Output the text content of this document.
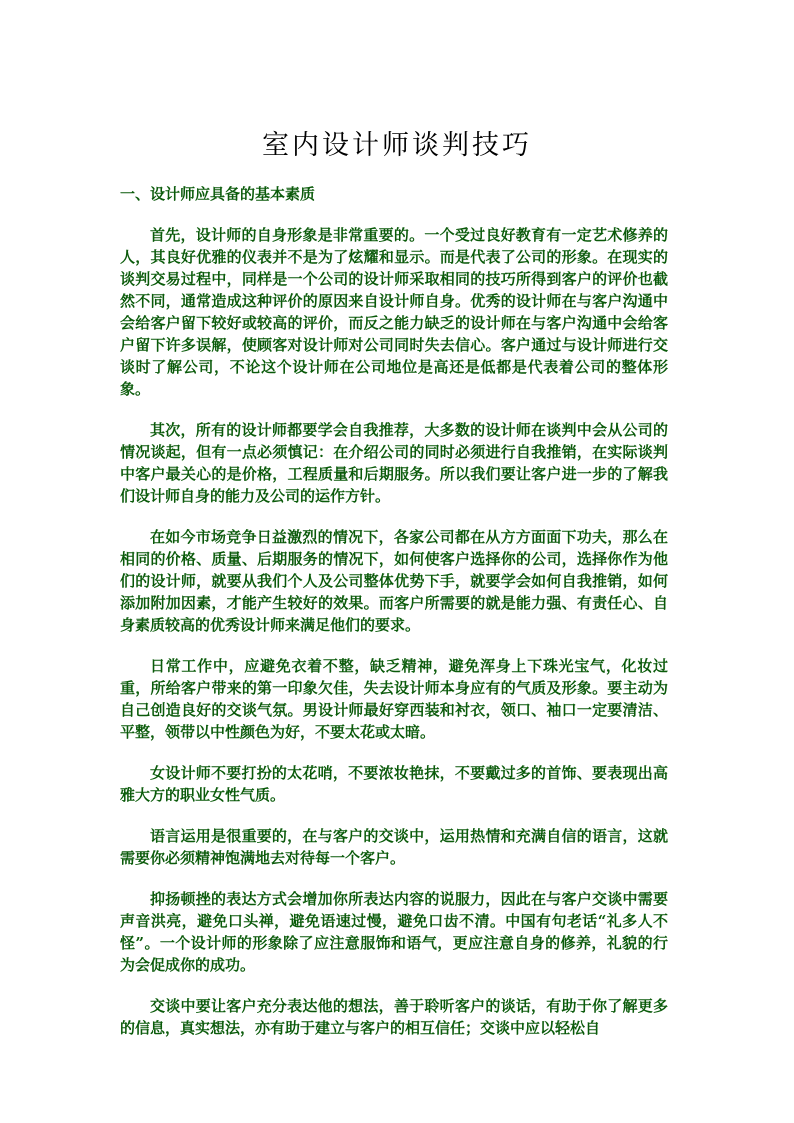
室内设计师谈判技巧

一、设计师应具备的基本素质

首先，设计师的自身形象是非常重要的。一个受过良好教育有一定艺术修养的人，其良好优雅的仪表并不是为了炫耀和显示。而是代表了公司的形象。在现实的谈判交易过程中，同样是一个公司的设计师采取相同的技巧所得到客户的评价也截然不同，通常造成这种评价的原因来自设计师自身。优秀的设计师在与客户沟通中会给客户留下较好或较高的评价，而反之能力缺乏的设计师在与客户沟通中会给客户留下许多误解，使顾客对设计师对公司同时失去信心。客户通过与设计师进行交谈时了解公司，不论这个设计师在公司地位是高还是低都是代表着公司的整体形象。

其次，所有的设计师都要学会自我推荐，大多数的设计师在谈判中会从公司的情况谈起，但有一点必须慎记：在介绍公司的同时必须进行自我推销，在实际谈判中客户最关心的是价格，工程质量和后期服务。所以我们要让客户进一步的了解我们设计师自身的能力及公司的运作方针。

在如今市场竞争日益激烈的情况下，各家公司都在从方方面面下功夫，那么在相同的价格、质量、后期服务的情况下，如何使客户选择你的公司，选择你作为他们的设计师，就要从我们个人及公司整体优势下手，就要学会如何自我推销，如何添加附加因素，才能产生较好的效果。而客户所需要的就是能力强、有责任心、自身素质较高的优秀设计师来满足他们的要求。

日常工作中，应避免衣着不整，缺乏精神，避免浑身上下珠光宝气，化妆过重，所给客户带来的第一印象欠佳，失去设计师本身应有的气质及形象。要主动为自己创造良好的交谈气氛。男设计师最好穿西装和衬衣，领口、袖口一定要清洁、平整，领带以中性颜色为好，不要太花或太暗。

女设计师不要打扮的太花哨，不要浓妆艳抹，不要戴过多的首饰、要表现出高雅大方的职业女性气质。

语言运用是很重要的，在与客户的交谈中，运用热情和充满自信的语言，这就需要你必须精神饱满地去对待每一个客户。

抑扬顿挫的表达方式会增加你所表达内容的说服力，因此在与客户交谈中需要声音洪亮，避免口头禅，避免语速过慢，避免口齿不清。中国有句老话“礼多人不怪”。一个设计师的形象除了应注意服饰和语气，更应注意自身的修养，礼貌的行为会促成你的成功。

交谈中要让客户充分表达他的想法，善于聆听客户的谈话，有助于你了解更多的信息，真实想法，亦有助于建立与客户的相互信任；交谈中应以轻松自
